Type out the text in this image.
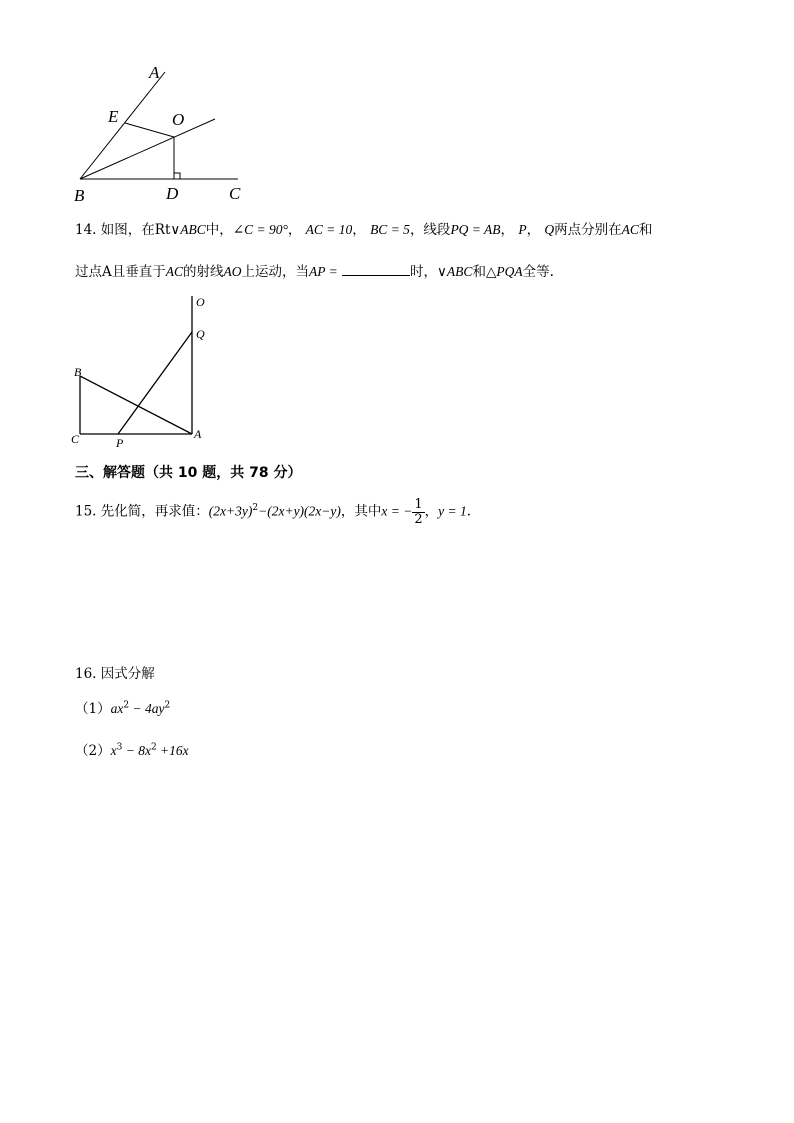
A
E	O
B	D	C
14. 如图，在Rt∨ABC中，∠C = 90°， AC = 10， BC = 5，线段PQ = AB， P， Q两点分别在AC和
过点A且垂直于AC的射线AO上运动，当AP =	时，∨ABC和△PQA全等.
O
Q
B
C	P
A
三、解答题（共 10 题，共 78 分）
15. 先化简，再求值：$(2x+3y)^2-(2x+y)(2x-y)$，其中x = − $\frac{1}{2}$ ，y = 1.
16. 因式分解
$(1)ax^2 - 4ay^2$
$(2)x^3 - 8x^2 +16x$
